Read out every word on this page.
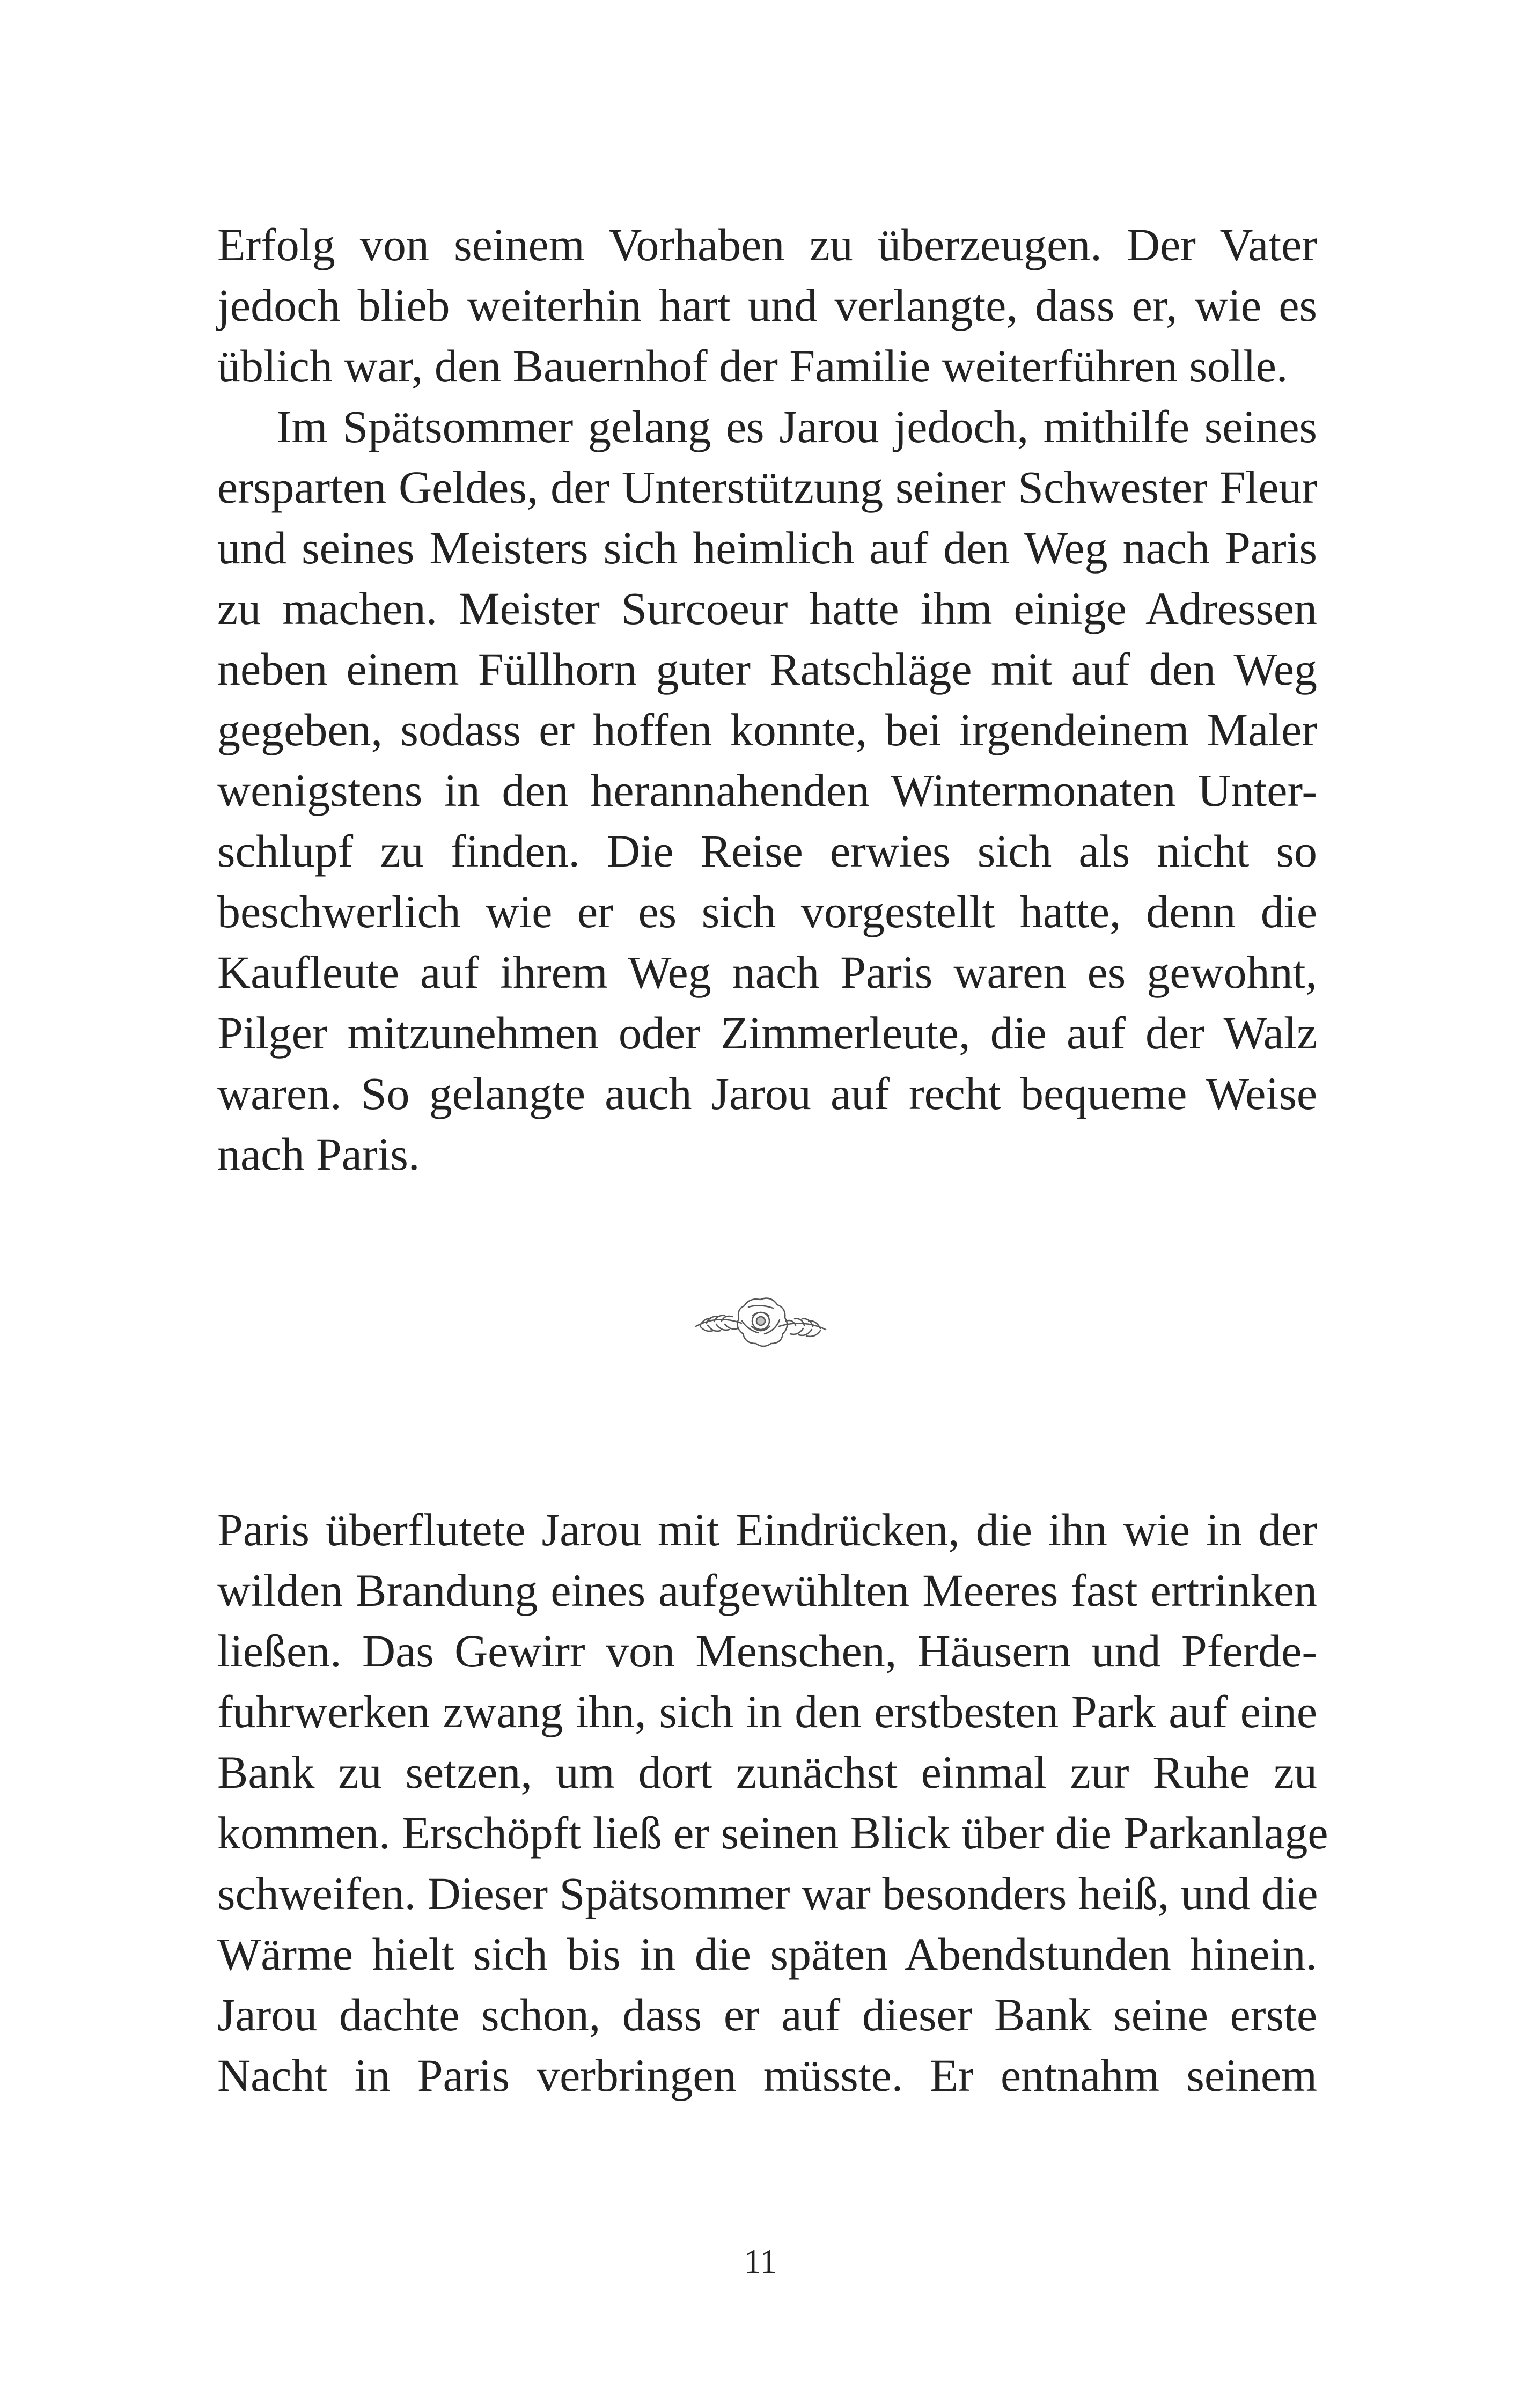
Erfolg von seinem Vorhaben zu überzeugen. Der Vater
jedoch blieb weiterhin hart und verlangte, dass er, wie es
üblich war, den Bauernhof der Familie weiterführen solle.
Im Spätsommer gelang es Jarou jedoch, mithilfe seines
ersparten Geldes, der Unterstützung seiner Schwester Fleur
und seines Meisters sich heimlich auf den Weg nach Paris
zu machen. Meister Surcoeur hatte ihm einige Adressen
neben einem Füllhorn guter Ratschläge mit auf den Weg
gegeben, sodass er hoffen konnte, bei irgendeinem Maler
wenigstens in den herannahenden Wintermonaten Unter-
schlupf zu finden. Die Reise erwies sich als nicht so
beschwerlich wie er es sich vorgestellt hatte, denn die
Kaufleute auf ihrem Weg nach Paris waren es gewohnt,
Pilger mitzunehmen oder Zimmerleute, die auf der Walz
waren. So gelangte auch Jarou auf recht bequeme Weise
nach Paris.
Paris überflutete Jarou mit Eindrücken, die ihn wie in der
wilden Brandung eines aufgewühlten Meeres fast ertrinken
ließen. Das Gewirr von Menschen, Häusern und Pferde-
fuhrwerken zwang ihn, sich in den erstbesten Park auf eine
Bank zu setzen, um dort zunächst einmal zur Ruhe zu
kommen. Erschöpft ließ er seinen Blick über die Parkanlage
schweifen. Dieser Spätsommer war besonders heiß, und die
Wärme hielt sich bis in die späten Abendstunden hinein.
Jarou dachte schon, dass er auf dieser Bank seine erste
Nacht in Paris verbringen müsste. Er entnahm seinem
11
